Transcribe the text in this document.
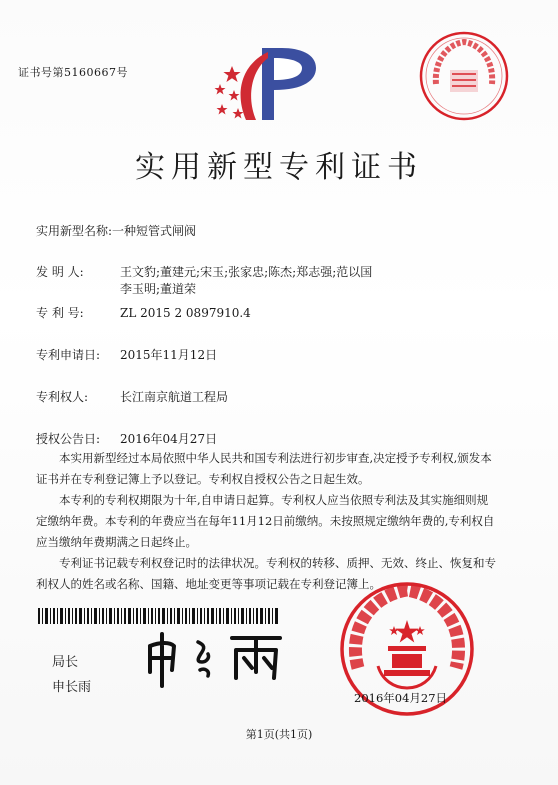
证书号第5160667号
实用新型专利证书
实用新型名称:一种短管式闸阀
发 明 人:	王文豹;董建元;宋玉;张家忠;陈杰;郑志强;范以国
李玉明;董道荣
专 利 号:	ZL 2015 2 0897910.4
专利申请日: 2015年11月12日
专利权人:	长江南京航道工程局
授权公告日: 2016年04月27日

本实用新型经过本局依照中华人民共和国专利法进行初步审查,决定授予专利权,颁发本证书并在专利登记簿上予以登记。专利权自授权公告之日起生效。

本专利的专利权期限为十年,自申请日起算。专利权人应当依照专利法及其实施细则规定缴纳年费。本专利的年费应当在每年11月12日前缴纳。未按照规定缴纳年费的,专利权自应当缴纳年费期满之日起终止。

专利证书记载专利权登记时的法律状况。专利权的转移、质押、无效、终止、恢复和专利权人的姓名或名称、国籍、地址变更等事项记载在专利登记簿上。

局长
申长雨
2016年04月27日
第1页(共1页)
